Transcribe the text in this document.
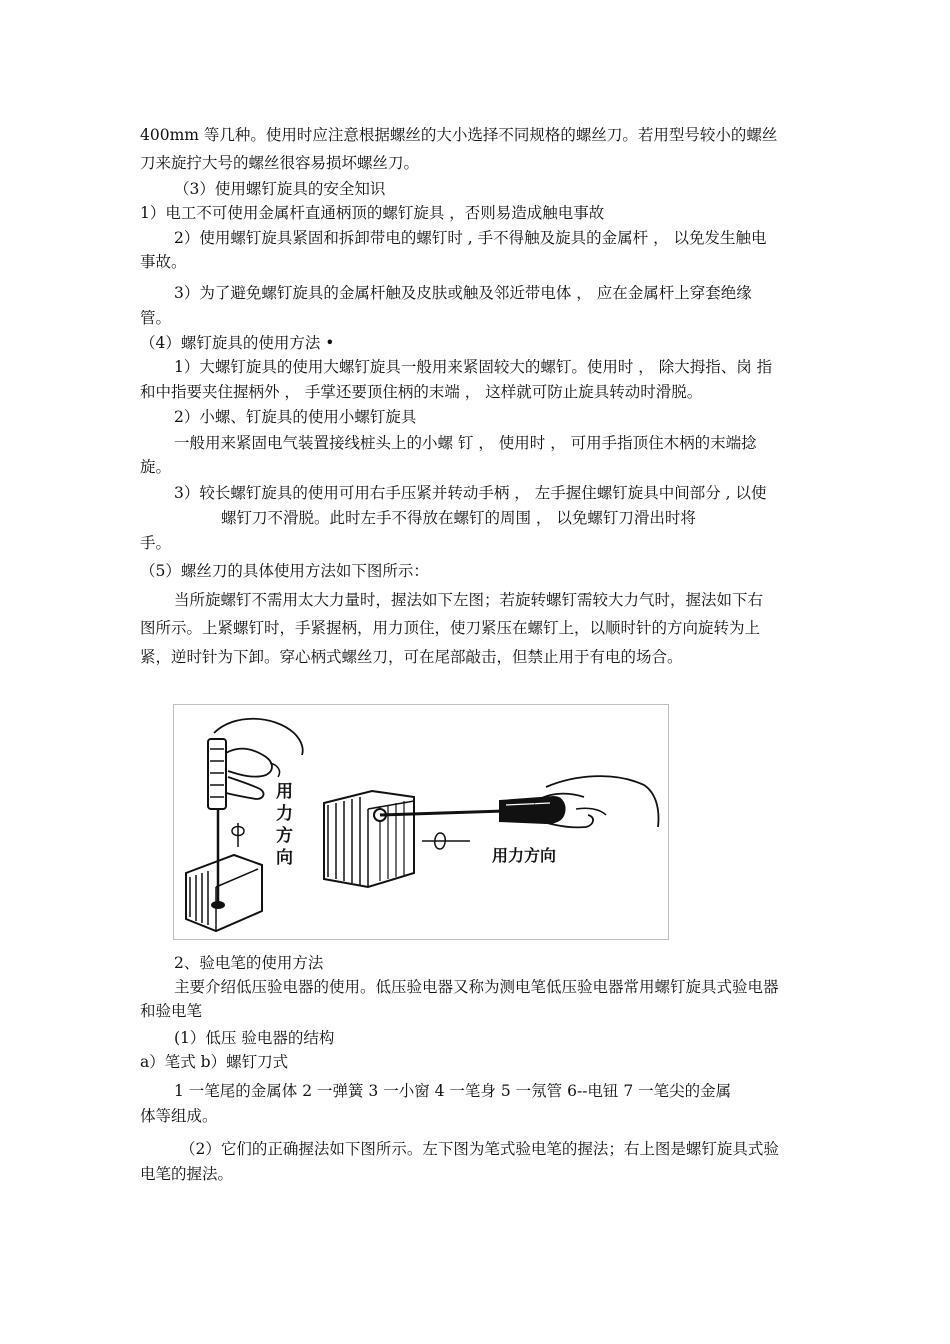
400mm 等几种。使用时应注意根据螺丝的大小选择不同规格的螺丝刀。若用型号较小的螺丝
刀来旋拧大号的螺丝很容易损坏螺丝刀。
（3）使用螺钉旋具的安全知识
1）电工不可使用金属杆直通柄顶的螺钉旋具 ，否则易造成触电事故
2）使用螺钉旋具紧固和拆卸带电的螺钉时 , 手不得触及旋具的金属杆 ， 以免发生触电
事故。
3）为了避免螺钉旋具的金属杆触及皮肤或触及邻近带电体 ， 应在金属杆上穿套绝缘
管。
（4）螺钉旋具的使用方法 •
1）大螺钉旋具的使用大螺钉旋具一般用来紧固较大的螺钉。使用时 ， 除大拇指、岗 指
和中指要夹住握柄外 ， 手掌还要顶住柄的末端 ， 这样就可防止旋具转动时滑脱。
2）小螺、钉旋具的使用小螺钉旋具
一般用来紧固电气装置接线桩头上的小螺 钉 ， 使用时 ， 可用手指顶住木柄的末端捻
旋。
3）较长螺钉旋具的使用可用右手压紧并转动手柄 ， 左手握住螺钉旋具中间部分 , 以使
螺钉刀不滑脱。此时左手不得放在螺钉的周围 ， 以免螺钉刀滑出时将
手。
（5）螺丝刀的具体使用方法如下图所示：
当所旋螺钉不需用太大力量时，握法如下左图；若旋转螺钉需较大力气时，握法如下右
图所示。上紧螺钉时，手紧握柄，用力顶住，使刀紧压在螺钉上，以顺时针的方向旋转为上
紧，逆时针为下卸。穿心柄式螺丝刀，可在尾部敲击，但禁止用于有电的场合。
2、验电笔的使用方法
主要介绍低压验电器的使用。低压验电器又称为测电笔低压验电器常用螺钉旋具式验电器
和验电笔
(1）低压 验电器的结构
a）笔式 b）螺钉刀式
1 一笔尾的金属体 2 一弹簧 3 一小窗 4 一笔身 5 一氖管 6--电钮 7 一笔尖的金属
体等组成。
（2）它们的正确握法如下图所示。左下图为笔式验电笔的握法；右上图是螺钉旋具式验
电笔的握法。
用
力
方
向	用力方向
